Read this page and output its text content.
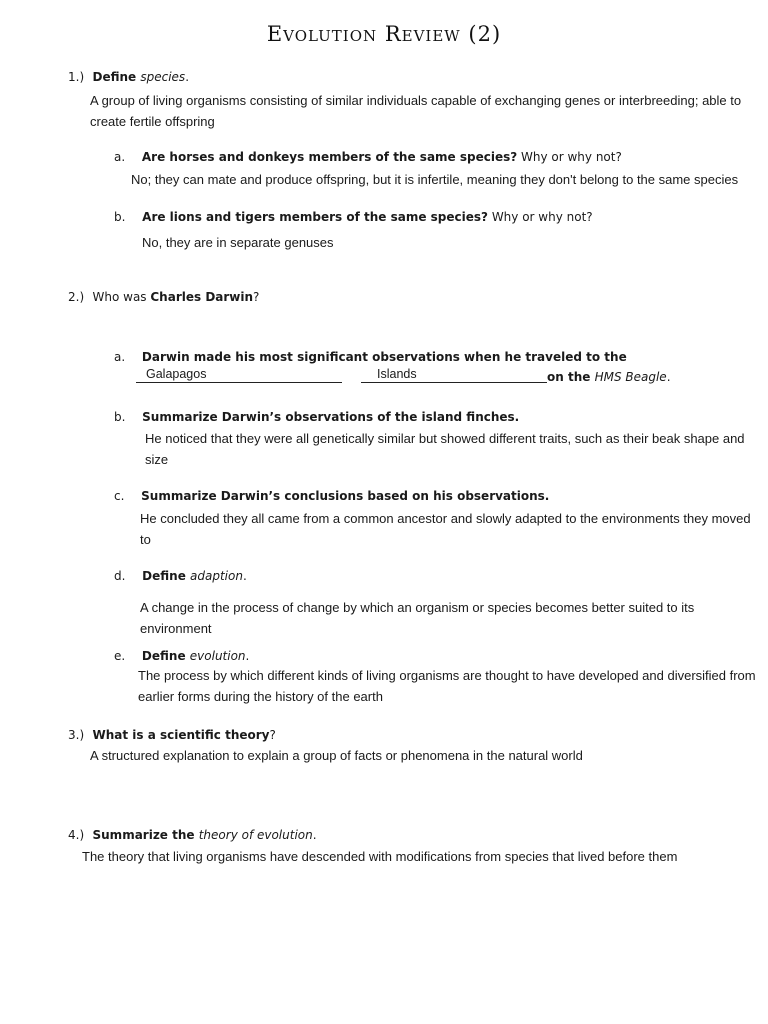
Evolution Review (2)
1.) Define species.
A group of living organisms consisting of similar individuals capable of exchanging genes or interbreeding; able to create fertile offspring
a. Are horses and donkeys members of the same species? Why or why not?
No; they can mate and produce offspring, but it is infertile, meaning they don't belong to the same species
b. Are lions and tigers members of the same species? Why or why not?
No, they are in separate genuses
2.) Who was Charles Darwin?
a. Darwin made his most significant observations when he traveled to the
Galapagos	Islands	on the HMS Beagle.
b. Summarize Darwin’s observations of the island finches.
He noticed that they were all genetically similar but showed different traits, such as their beak shape and size
c. Summarize Darwin’s conclusions based on his observations.
He concluded they all came from a common ancestor and slowly adapted to the environments they moved to
d. Define adaption.
A change in the process of change by which an organism or species becomes better suited to its environment
e. Define evolution.
The process by which different kinds of living organisms are thought to have developed and diversified from earlier forms during the history of the earth
3.) What is a scientific theory?
A structured explanation to explain a group of facts or phenomena in the natural world
4.) Summarize the theory of evolution.
The theory that living organisms have descended with modifications from species that lived before them
